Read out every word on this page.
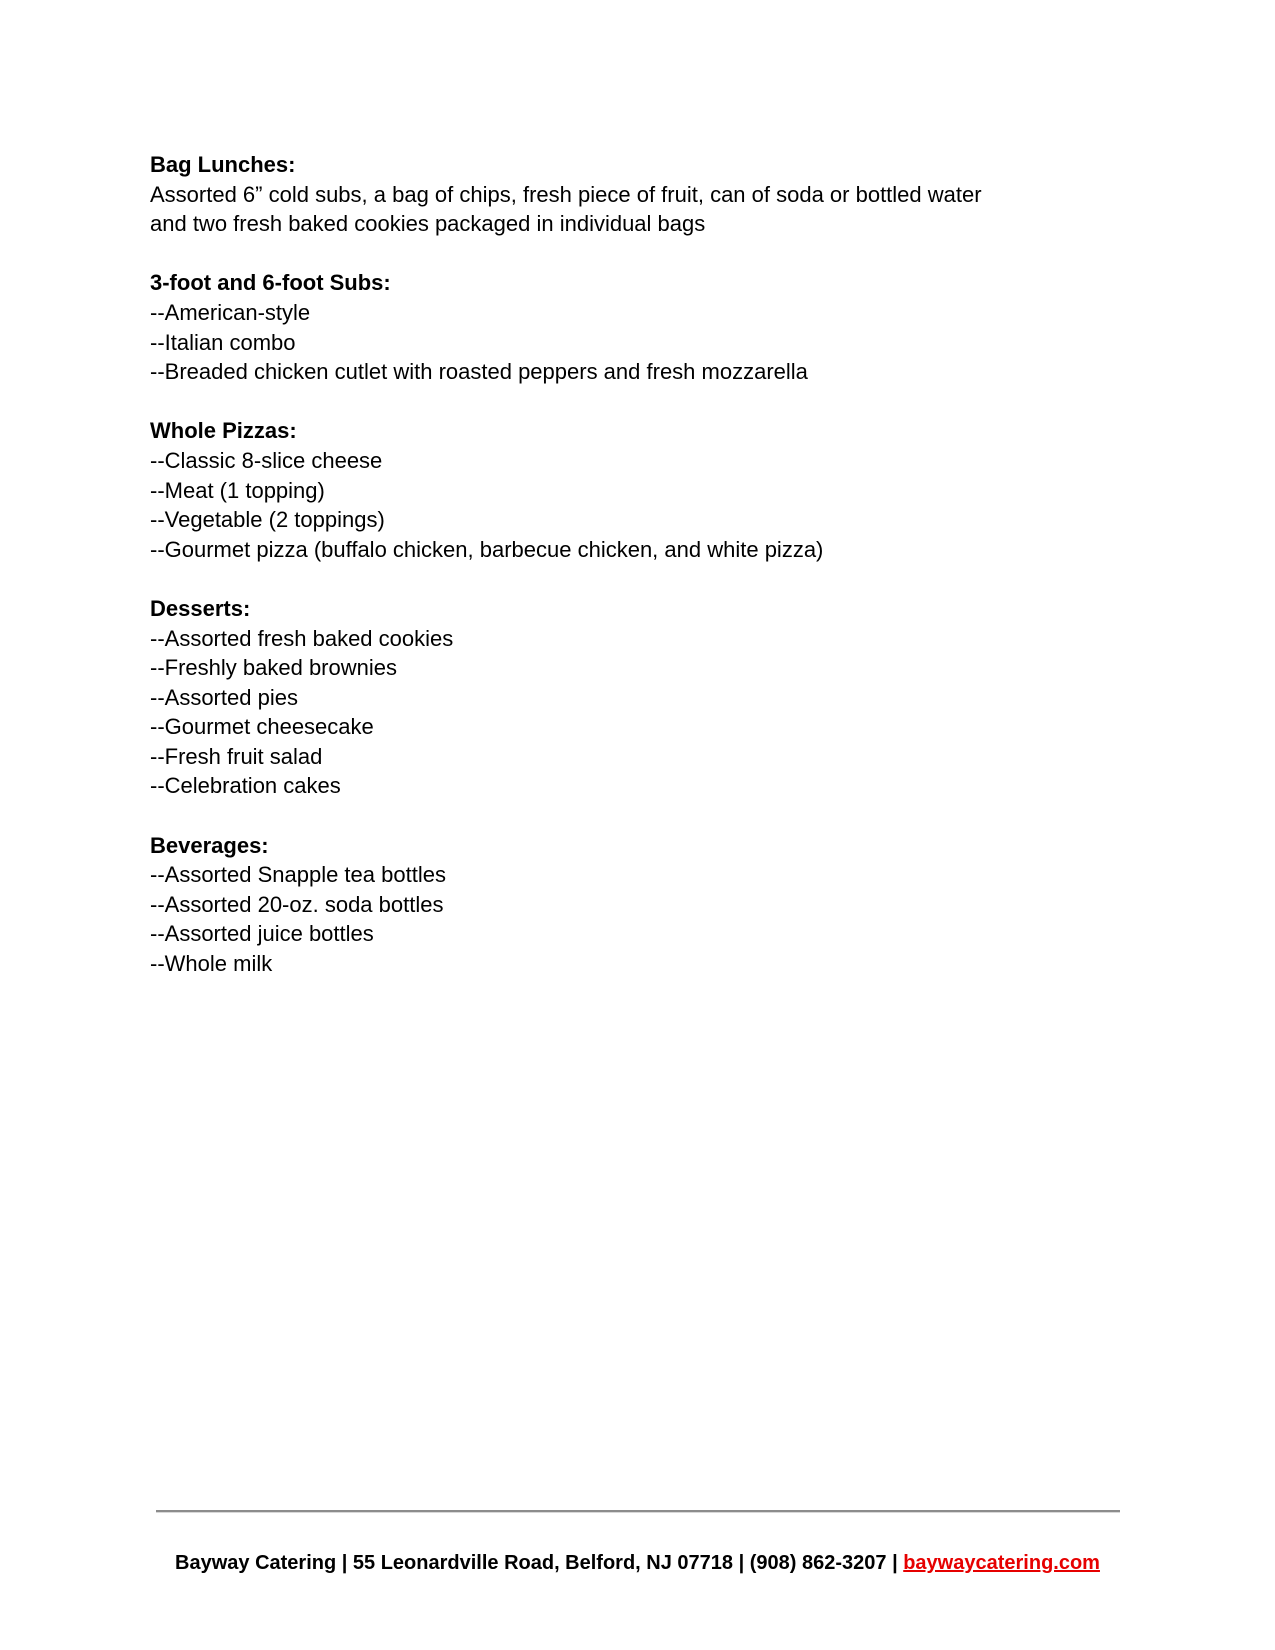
Bag Lunches:
Assorted 6” cold subs, a bag of chips, fresh piece of fruit, can of soda or bottled water
and two fresh baked cookies packaged in individual bags
3-foot and 6-foot Subs:
--American-style
--Italian combo
--Breaded chicken cutlet with roasted peppers and fresh mozzarella
Whole Pizzas:
--Classic 8-slice cheese
--Meat (1 topping)
--Vegetable (2 toppings)
--Gourmet pizza (buffalo chicken, barbecue chicken, and white pizza)
Desserts:
--Assorted fresh baked cookies
--Freshly baked brownies
--Assorted pies
--Gourmet cheesecake
--Fresh fruit salad
--Celebration cakes
Beverages:
--Assorted Snapple tea bottles
--Assorted 20-oz. soda bottles
--Assorted juice bottles
--Whole milk
Bayway Catering | 55 Leonardville Road, Belford, NJ 07718 | (908) 862-3207 | baywaycatering.com
